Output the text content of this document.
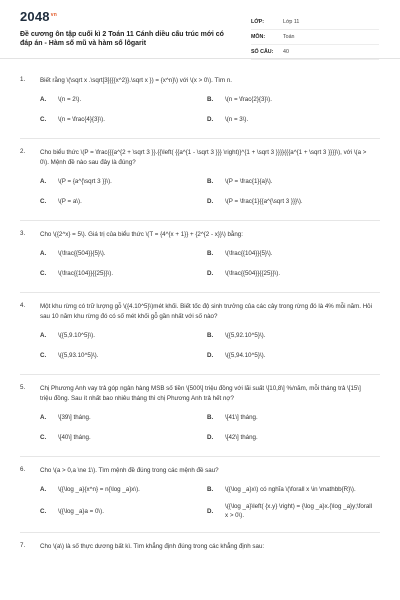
$2048^{vn}$
Đề cương ôn tập cuối kì 2 Toán 11 Cánh diều cấu trúc mới có đáp án - Hàm số mũ và hàm số lôgarit
LỚP:	Lớp 11
MÔN:	Toán
SỐ CÂU:	40
1. Biết rằng \(\sqrt x .\sqrt[3]{{{x^2}}.\sqrt x }) = {x^n}\) với \(x > 0\). Tìm n.
A.	\(n = 2\).	B.	\(n = \frac{2}{3}\).
C.	\(n = \frac{4}{3}\).	D.	\(n = 3\).
2. Cho biểu thức \(P = \frac{{{a^{2 + \sqrt 3 }}.{{\left( {{a^{1 - \sqrt 3 }}} \right)}^{1 + \sqrt 3 }}}}{{{a^{1 + \sqrt 3 }}}}\), với \(a > 0\). Mệnh đề nào sau đây là đúng?
A.	\(P = {a^{\sqrt 3 }}\).	B.	\(P = \frac{1}{a}\).
C.	\(P = a\).	D.	\(P = \frac{1}{{a^{\sqrt 3 }}}\).
3. Cho \({2^x} = 5\). Giá trị của biểu thức \(T = {4^{x + 1}} + {2^{2 - x}}\) bằng:
A.	\(\frac{{504}}{5}\).	B.	\(\frac{{104}}{5}\).
C.	\(\frac{{104}}{{25}}\).	D.	\(\frac{{504}}{{25}}\).
4. Một khu rừng có trữ lượng gỗ \({4.10^5}\)mét khối. Biết tốc độ sinh trưởng của các cây trong rừng đó là 4% mỗi năm. Hỏi sau 10 năm khu rừng đó có số mét khối gỗ gần nhất với số nào?
A.	\({5,9.10^5}\).	B.	\({5,92.10^5}\).
C.	\({5,93.10^5}\).	D.	\({5,94.10^5}\).
5. Chị Phương Anh vay trả góp ngân hàng MSB số tiền \[500\] triệu đồng với lãi suất \[10,8\] %/năm, mỗi tháng trả \[15\] triệu đồng. Sau ít nhất bao nhiêu tháng thì chị Phương Anh trả hết nợ?
A.	\[39\] tháng.	B.	\[41\] tháng.
C.	\[40\] tháng.	D.	\[42\] tháng.
6. Cho \(a > 0,a \ne 1\). Tìm mệnh đề đúng trong các mệnh đề sau?
A.	\({\log _a}{x^n} = n{\log _a}x\).	B.	\({\log _a}x\) có nghĩa \(\forall x \in \mathbb{R}\).
C.	\({\log _a}a = 0\).	D.
\({\log _a}\left( {x.y} \right) = {\log _a}x.{\log _a}y;\forall x > 0\).
7. Cho \(a\) là số thực dương bất kì. Tìm khẳng định đúng trong các khẳng định sau:
